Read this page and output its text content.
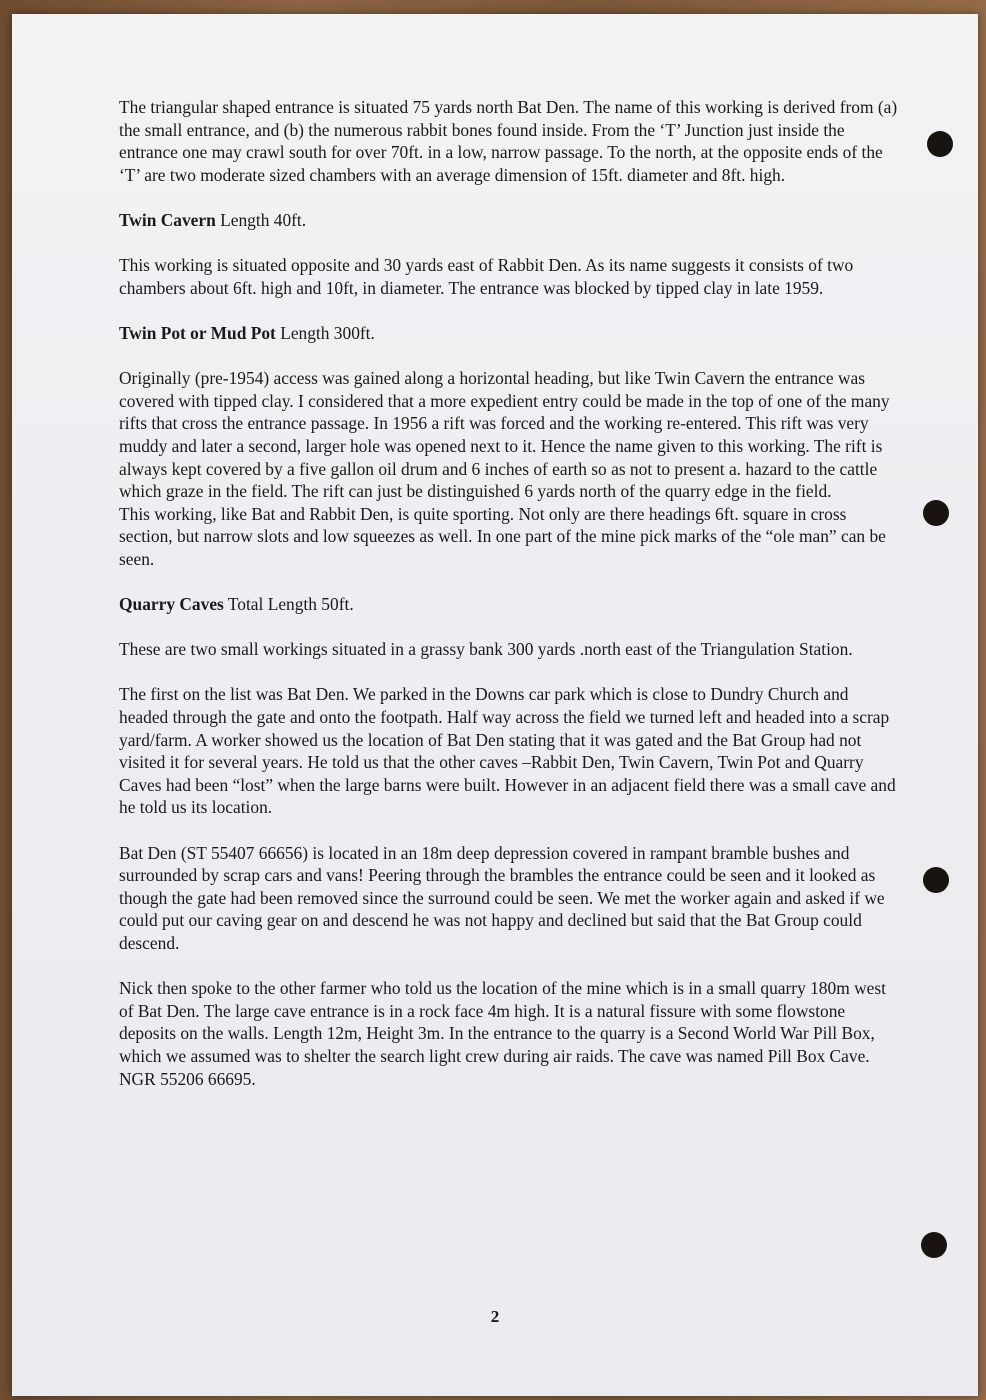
The triangular shaped entrance is situated 75 yards north Bat Den. The name of this working is derived from (a) the small entrance, and (b) the numerous rabbit bones found inside. From the ‘T’ Junction just inside the entrance one may crawl south for over 70ft. in a low, narrow passage. To the north, at the opposite ends of the ‘T’ are two moderate sized chambers with an average dimension of 15ft. diameter and 8ft. high.

Twin Cavern Length 40ft.

This working is situated opposite and 30 yards east of Rabbit Den. As its name suggests it consists of two chambers about 6ft. high and 10ft, in diameter. The entrance was blocked by tipped clay in late 1959.

Twin Pot or Mud Pot Length 300ft.

Originally (pre-1954) access was gained along a horizontal heading, but like Twin Cavern the entrance was covered with tipped clay. I considered that a more expedient entry could be made in the top of one of the many rifts that cross the entrance passage. In 1956 a rift was forced and the working re-entered. This rift was very muddy and later a second, larger hole was opened next to it. Hence the name given to this working. The rift is always kept covered by a five gallon oil drum and 6 inches of earth so as not to present a. hazard to the cattle which graze in the field. The rift can just be distinguished 6 yards north of the quarry edge in the field.

This working, like Bat and Rabbit Den, is quite sporting. Not only are there headings 6ft. square in cross section, but narrow slots and low squeezes as well. In one part of the mine pick marks of the “ole man” can be seen.

Quarry Caves Total Length 50ft.

These are two small workings situated in a grassy bank 300 yards .north east of the Triangulation Station.

The first on the list was Bat Den. We parked in the Downs car park which is close to Dundry Church and headed through the gate and onto the footpath. Half way across the field we turned left and headed into a scrap yard/farm. A worker showed us the location of Bat Den stating that it was gated and the Bat Group had not visited it for several years. He told us that the other caves –Rabbit Den, Twin Cavern, Twin Pot and Quarry Caves had been “lost” when the large barns were built. However in an adjacent field there was a small cave and he told us its location.

Bat Den (ST 55407 66656) is located in an 18m deep depression covered in rampant bramble bushes and surrounded by scrap cars and vans! Peering through the brambles the entrance could be seen and it looked as though the gate had been removed since the surround could be seen. We met the worker again and asked if we could put our caving gear on and descend he was not happy and declined but said that the Bat Group could descend.

Nick then spoke to the other farmer who told us the location of the mine which is in a small quarry 180m west of Bat Den. The large cave entrance is in a rock face 4m high. It is a natural fissure with some flowstone deposits on the walls. Length 12m, Height 3m. In the entrance to the quarry is a Second World War Pill Box, which we assumed was to shelter the search light crew during air raids. The cave was named Pill Box Cave. NGR 55206 66695.

2
